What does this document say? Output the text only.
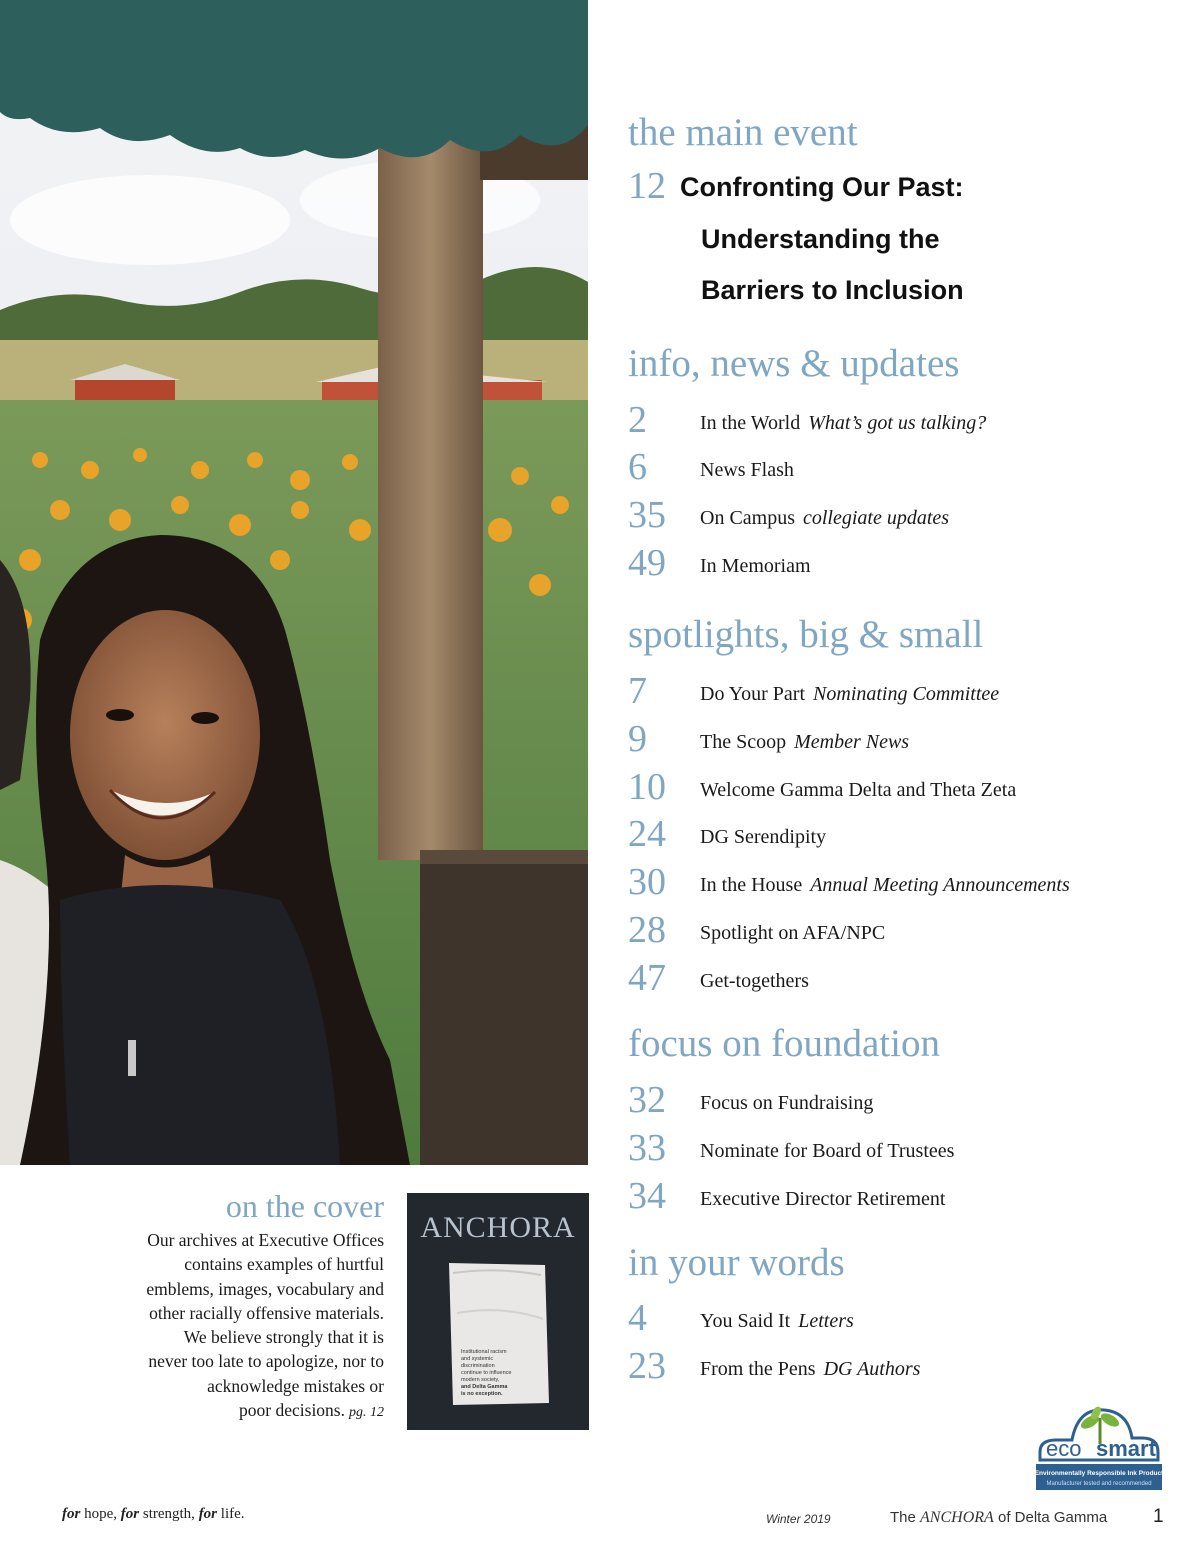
the main event
12 Confronting Our Past:
Understanding the
Barriers to Inclusion
info, news & updates
2	In the World What’s got us talking?
6	News Flash
35 On Campus collegiate updates
49 In Memoriam
spotlights, big & small
7	Do Your Part Nominating Committee
9	The Scoop Member News
10 Welcome Gamma Delta and Theta Zeta
24 DG Serendipity
30 In the House Annual Meeting Announcements
28 Spotlight on AFA/NPC
47 Get-togethers
focus on foundation
32 Focus on Fundraising
33 Nominate for Board of Trustees
34 Executive Director Retirement
in your words
4	You Said It Letters
23 From the Pens DG Authors
on the cover
Our archives at Executive Offices
contains examples of hurtful
emblems, images, vocabulary and
other racially offensive materials.
We believe strongly that it is
never too late to apologize, nor to
acknowledge mistakes or
poor decisions. pg. 12
ANCHORA
Institutional racism
and systemic
discrimination
continue to influence
modern society,
and Delta Gamma
is no exception.
eco smart
Environmentally Responsible Ink Product
Manufacturer tested and recommended
for hope, for strength, for life.	Winter 2019	The ANCHORA of Delta Gamma 1
